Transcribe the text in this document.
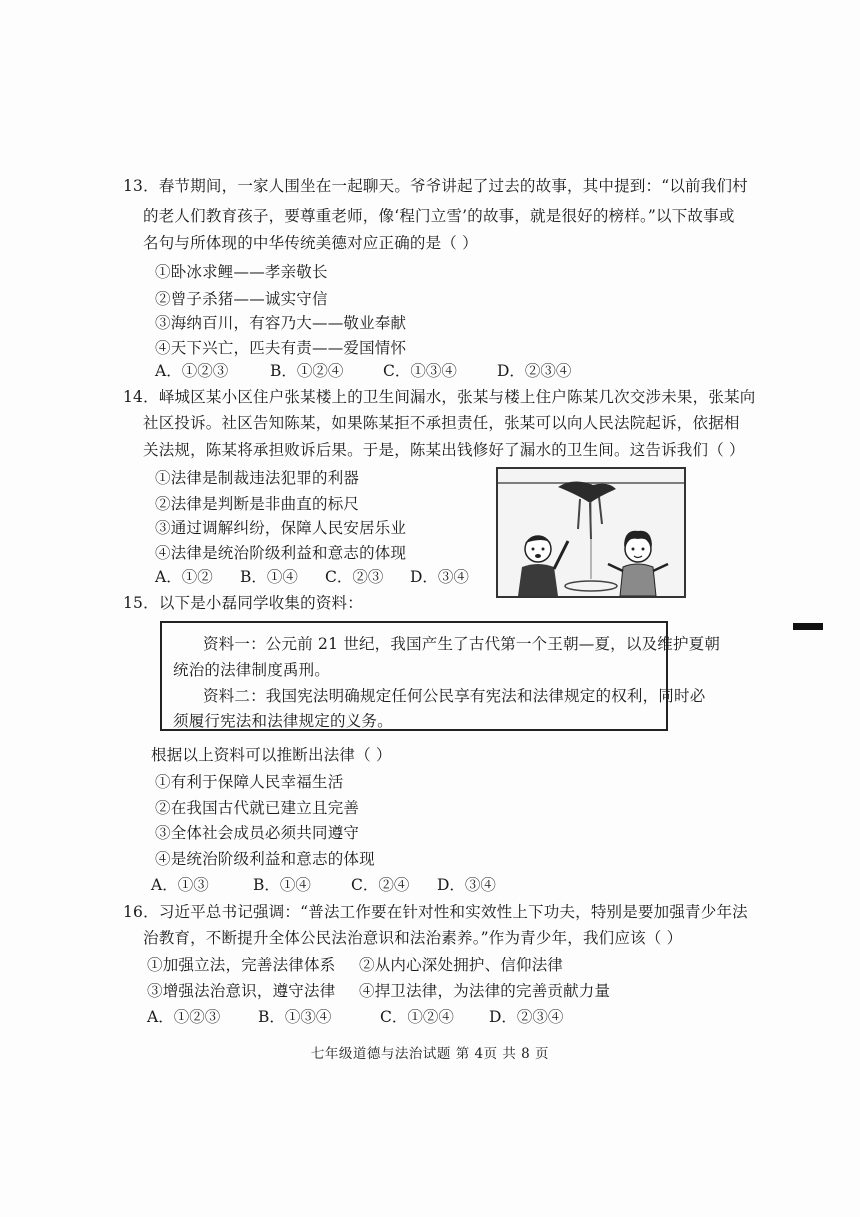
13．春节期间，一家人围坐在一起聊天。爷爷讲起了过去的故事，其中提到：“以前我们村
的老人们教育孩子，要尊重老师，像‘程门立雪’的故事，就是很好的榜样。”以下故事或
名句与所体现的中华传统美德对应正确的是（ ）
①卧冰求鲤——孝亲敬长
②曾子杀猪——诚实守信
③海纳百川，有容乃大——敬业奉献
④天下兴亡，匹夫有责——爱国情怀
A．①②③	B．①②④	C．①③④	D．②③④
14．峄城区某小区住户张某楼上的卫生间漏水，张某与楼上住户陈某几次交涉未果，张某向
社区投诉。社区告知陈某，如果陈某拒不承担责任，张某可以向人民法院起诉，依据相
关法规，陈某将承担败诉后果。于是，陈某出钱修好了漏水的卫生间。这告诉我们（ ）
①法律是制裁违法犯罪的利器
②法律是判断是非曲直的标尺
③通过调解纠纷，保障人民安居乐业
④法律是统治阶级利益和意志的体现
A．①② B．①④ C．②③ D．③④
15．以下是小磊同学收集的资料：
资料一：公元前 21 世纪，我国产生了古代第一个王朝—夏，以及维护夏朝
统治的法律制度禹刑。
资料二：我国宪法明确规定任何公民享有宪法和法律规定的权利，同时必
须履行宪法和法律规定的义务。
根据以上资料可以推断出法律（ ）
①有利于保障人民幸福生活
②在我国古代就已建立且完善
③全体社会成员必须共同遵守
④是统治阶级利益和意志的体现
A．①③	B．①④	C．②④ D．③④
16．习近平总书记强调：“普法工作要在针对性和实效性上下功夫，特别是要加强青少年法
治教育，不断提升全体公民法治意识和法治素养。”作为青少年，我们应该（ ）
①加强立法，完善法律体系 ②从内心深处拥护、信仰法律
③增强法治意识，遵守法律 ④捍卫法律，为法律的完善贡献力量
A．①②③ B．①③④	C．①②④ D．②③④
七年级道德与法治试题 第 4页 共 8 页
